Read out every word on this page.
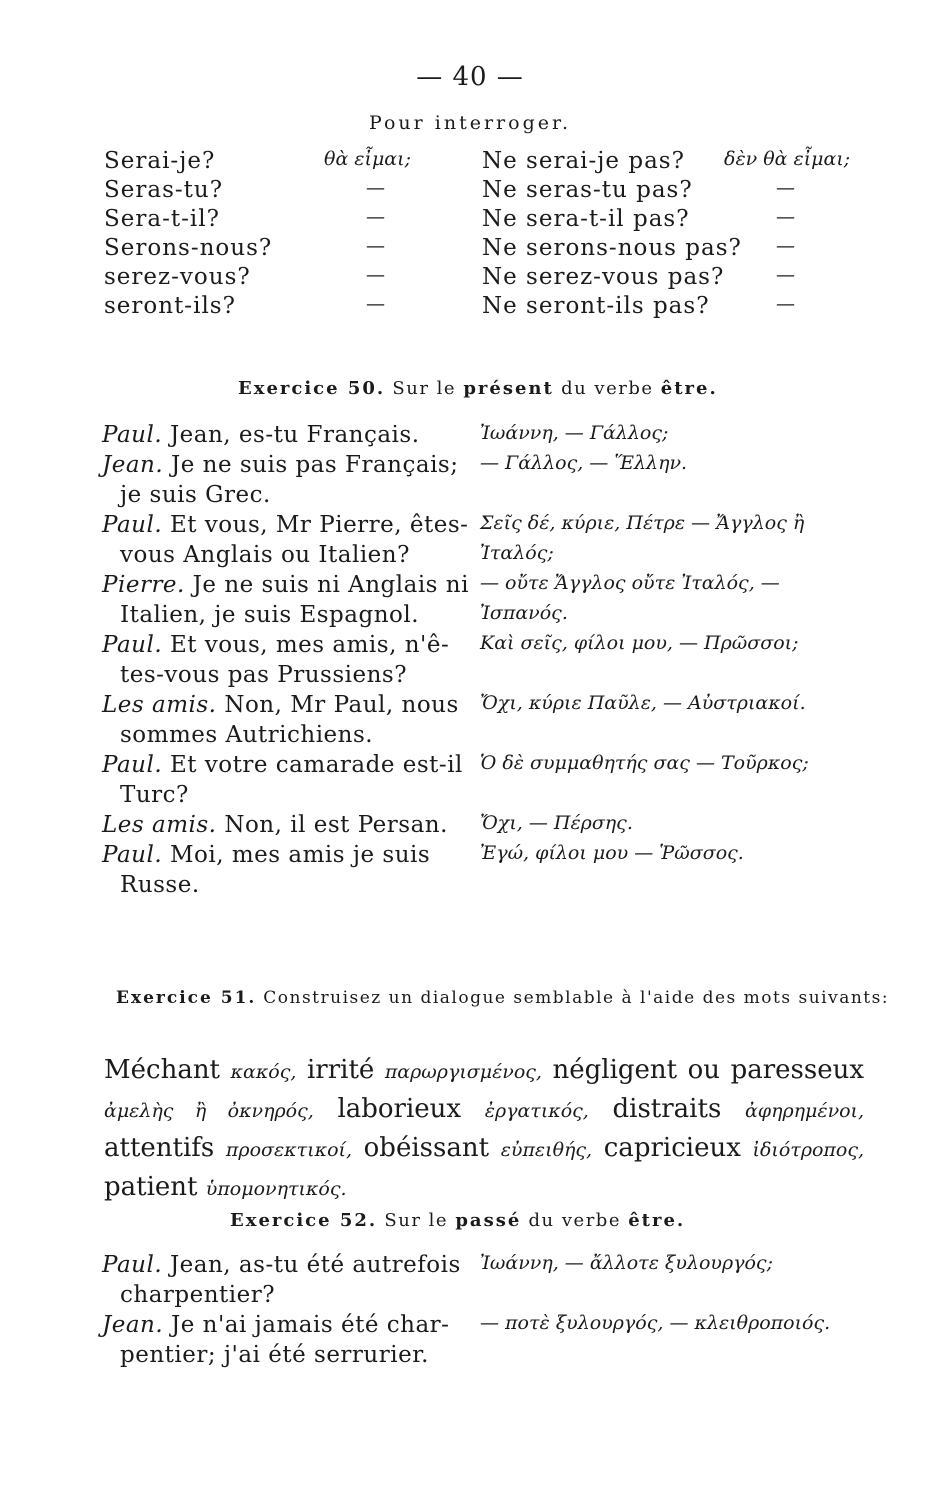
— 40 —
Pour interroger.
Serai-je?	θὰ εἶμαι;	Ne serai-je pas? δὲν θὰ εἶμαι;
Seras-tu?	—	Ne seras-tu pas?	—
Sera-t-il?	—	Ne sera-t-il pas?	—
Serons-nous?	—	Ne serons-nous pas? —
serez-vous?	—	Ne serez-vous pas?	—
seront-ils?	—	Ne seront-ils pas?	—
Exercice 50. Sur le présent du verbe être.
Paul. Jean, es-tu Français.	Ἰωάννη, — Γάλλος;
Jean. Je ne suis pas Français; — Γάλλος, — Ἕλλην.
je suis Grec.
Paul. Et vous, Mr Pierre, êtes- Σεῖς δέ, κύριε, Πέτρε — Ἄγγλος ἢ
vous Anglais ou Italien?	Ἰταλός;
Pierre. Je ne suis ni Anglais ni — οὔτε Ἄγγλος οὔτε Ἰταλός, —
Italien, je suis Espagnol.	Ἰσπανός.
Paul. Et vous, mes amis, n'ê- Καὶ σεῖς, φίλοι μου, — Πρῶσσοι;
tes-vous pas Prussiens?
Les amis. Non, Mr Paul, nous Ὄχι, κύριε Παῦλε, — Αὐστριακοί.
sommes Autrichiens.
Paul. Et votre camarade est-il Ὁ δὲ συμμαθητής σας — Τοῦρκος;
Turc?
Les amis. Non, il est Persan. Ὄχι, — Πέρσης.
Paul. Moi, mes amis je suis	Ἐγώ, φίλοι μου — Ῥῶσσος.
Russe.
Exercice 51. Construisez un dialogue semblable à l'aide des mots suivants:
Méchant κακός, irrité παρωργισμένος, négligent ou paresseux ἀμελὴς ἢ ὀκνηρός, laborieux ἐργατικός, distraits ἀφηρημένοι, attentifs προσεκτικοί, obéissant εὐπειθής, capricieux ἰδιότροπος, patient ὑπομονητικός.
Exercice 52. Sur le passé du verbe être.
Paul. Jean, as-tu été autrefois Ἰωάννη, — ἄλλοτε ξυλουργός;
charpentier?
Jean. Je n'ai jamais été char- — ποτὲ ξυλουργός, — κλειθροποιός.
pentier; j'ai été serrurier.
